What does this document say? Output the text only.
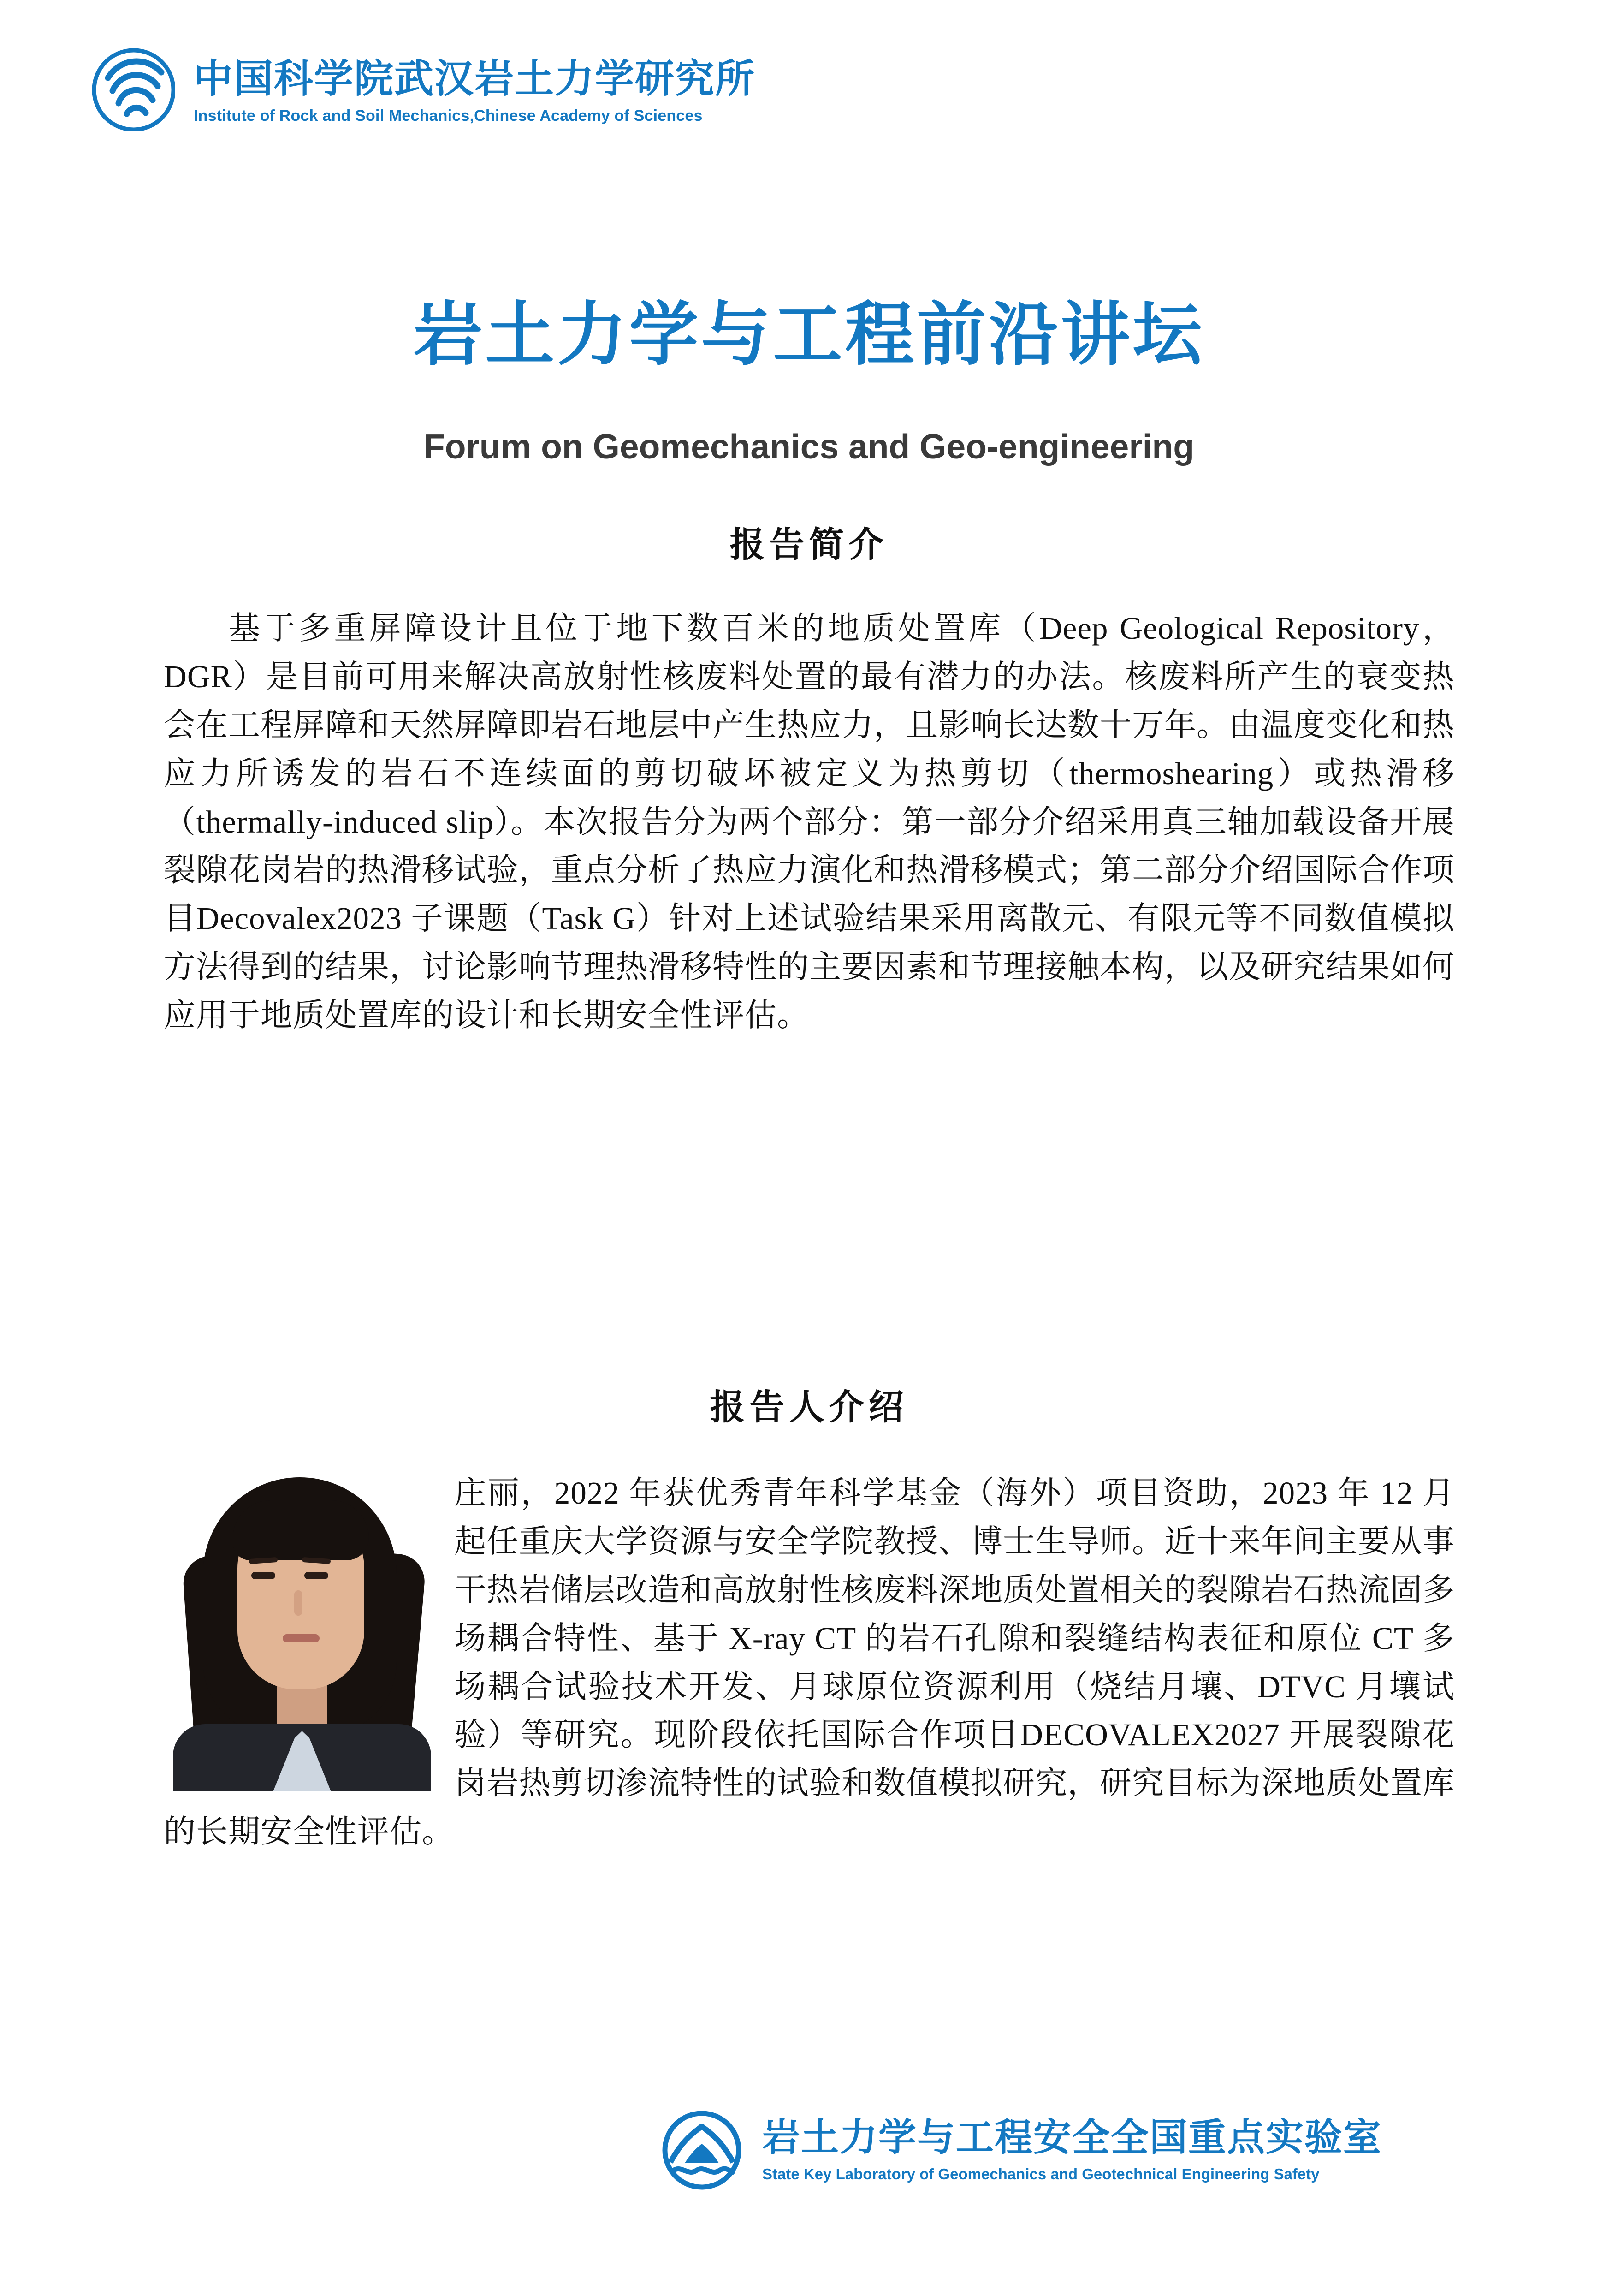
中国科学院武汉岩土力学研究所
Institute of Rock and Soil Mechanics,Chinese Academy of Sciences
岩土力学与工程前沿讲坛
Forum on Geomechanics and Geo-engineering
报告简介
基于多重屏障设计且位于地下数百米的地质处置库（Deep Geological Repository，DGR）是目前可用来解决高放射性核废料处置的最有潜力的办法。核废料所产生的衰变热会在工程屏障和天然屏障即岩石地层中产生热应力，且影响长达数十万年。由温度变化和热应力所诱发的岩石不连续面的剪切破坏被定义为热剪切（thermoshearing）或热滑移（thermally-induced slip）。本次报告分为两个部分：第一部分介绍采用真三轴加载设备开展裂隙花岗岩的热滑移试验，重点分析了热应力演化和热滑移模式；第二部分介绍国际合作项目Decovalex2023 子课题（Task G）针对上述试验结果采用离散元、有限元等不同数值模拟方法得到的结果，讨论影响节理热滑移特性的主要因素和节理接触本构，以及研究结果如何应用于地质处置库的设计和长期安全性评估。
报告人介绍
庄丽，2022 年获优秀青年科学基金（海外）项目资助，2023 年 12 月起任重庆大学资源与安全学院教授、博士生导师。近十来年间主要从事干热岩储层改造和高放射性核废料深地质处置相关的裂隙岩石热流固多场耦合特性、基于 X-ray CT 的岩石孔隙和裂缝结构表征和原位 CT 多场耦合试验技术开发、月球原位资源利用（烧结月壤、DTVC 月壤试验）等研究。现阶段依托国际合作项目DECOVALEX2027 开展裂隙花岗岩热剪切渗流特性的试验和数值模拟研究，研究目标为深地质处置库的长期安全性评估。
岩土力学与工程安全全国重点实验室
State Key Laboratory of Geomechanics and Geotechnical Engineering Safety
